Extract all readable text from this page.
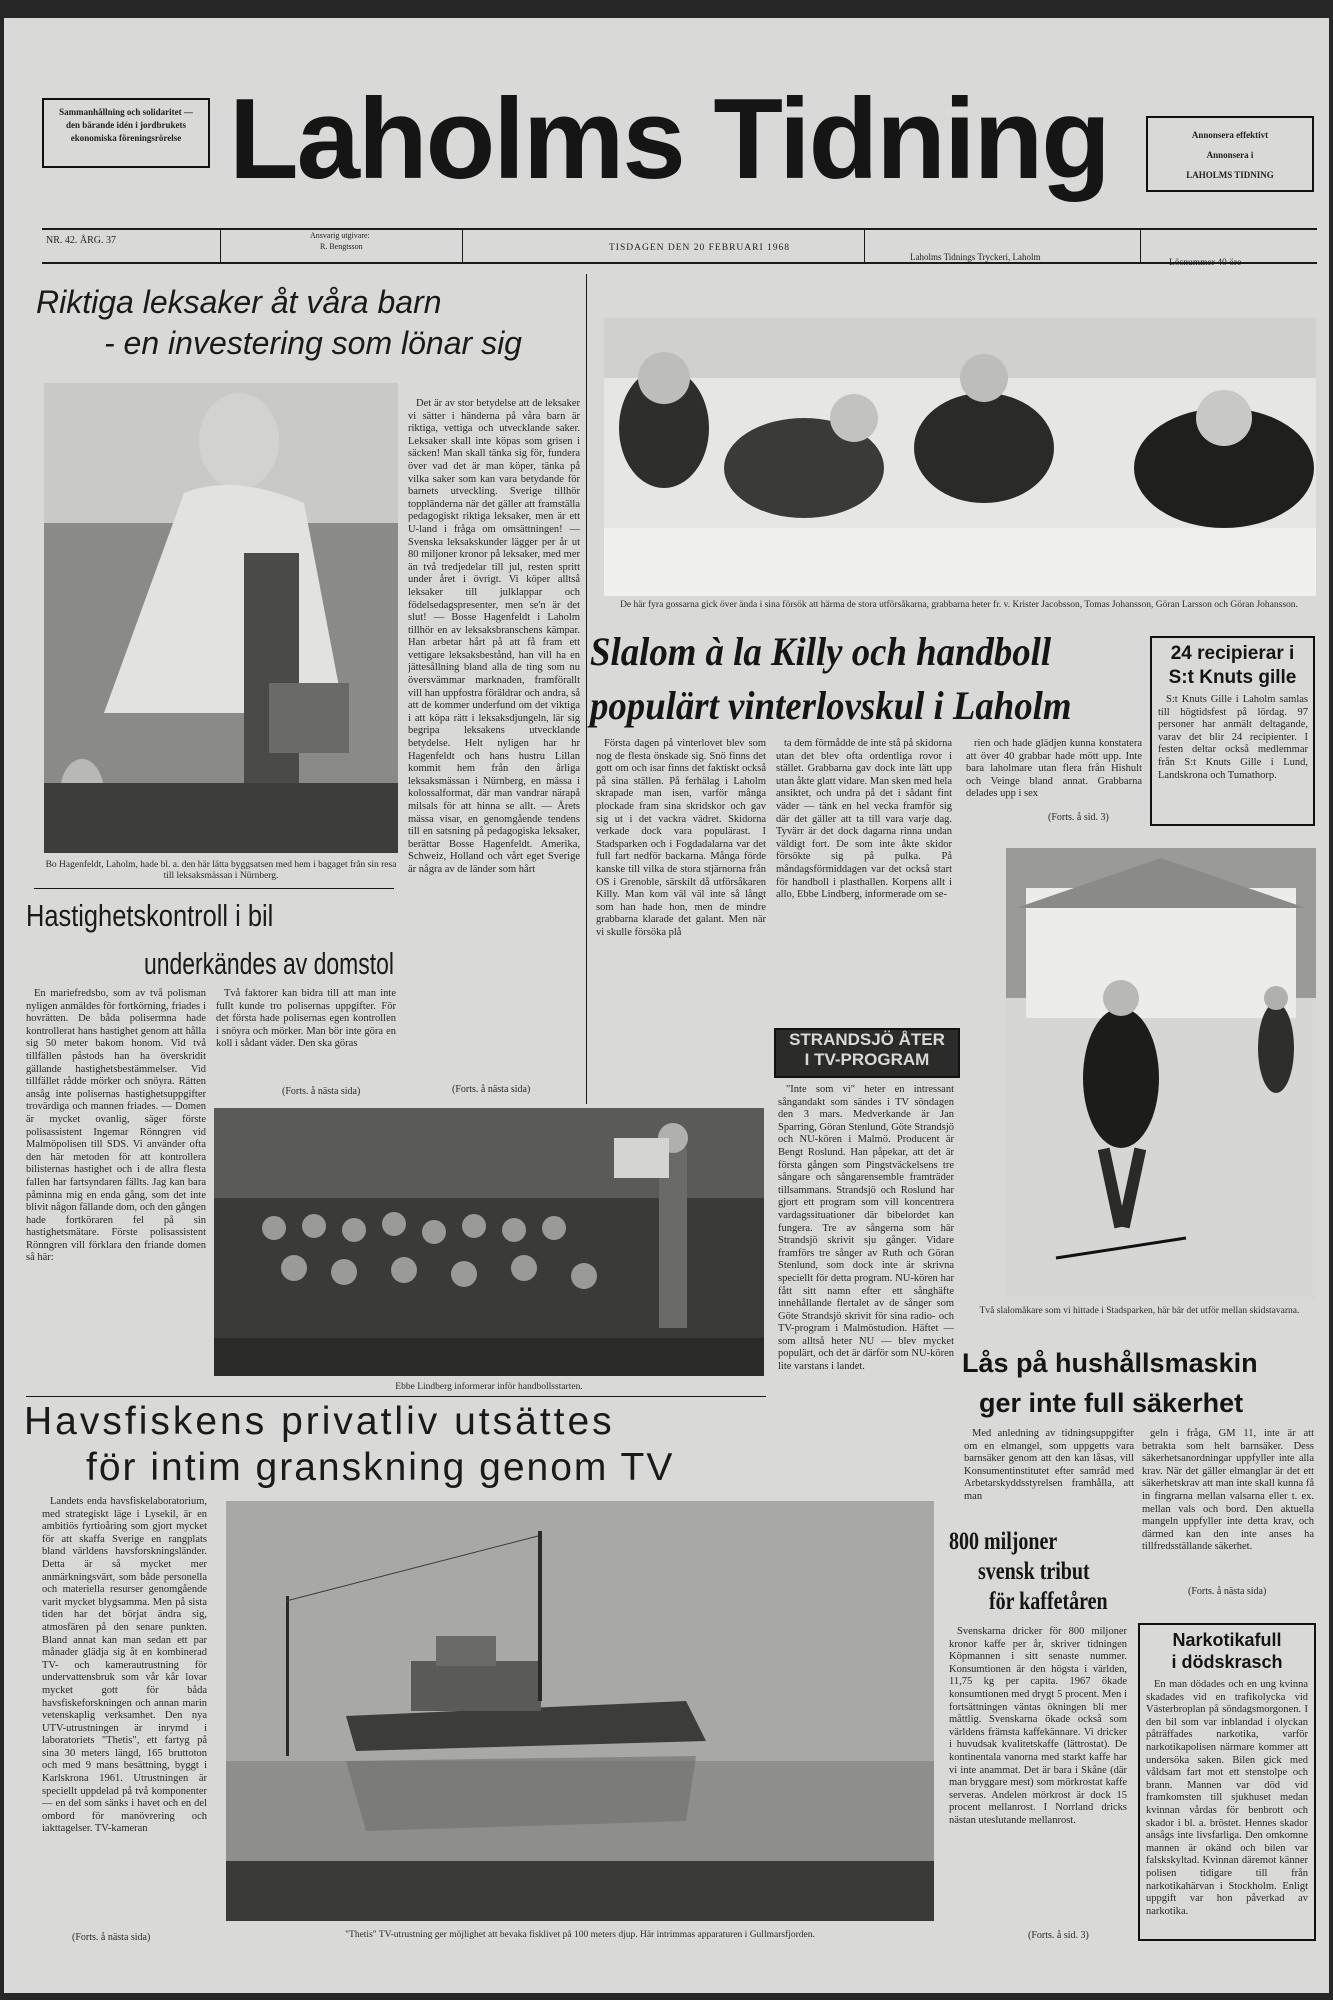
Sammanhållning och solidaritet — den bärande idén i jordbrukets ekonomiska föreningsrörelse Laholms Tidning	Annonsera effektivt
Annonsera i
LAHOLMS TIDNING
NR. 42. ÅRG. 37	Ansvarig utgivare:
R. Bengtsson	TISDAGEN DEN 20 FEBRUARI 1968
Laholms Tidnings Tryckeri, Laholm
Lösnummer 40 öre
Riktiga leksaker åt våra barn
- en investering som lönar sig
Bo Hagenfeldt, Laholm, hade bl. a. den här lätta byggsatsen med hem i bagaget från sin resa till leksaksmässan i Nürnberg.

Det är av stor betydelse att de leksaker vi sätter i händerna på våra barn är riktiga, vettiga och utvecklande saker. Leksaker skall inte köpas som grisen i säcken! Man skall tänka sig för, fundera över vad det är man köper, tänka på vilka saker som kan vara betydande för barnets utveckling. Sverige tillhör toppländerna när det gäller att framställa pedagogiskt riktiga leksaker, men är ett U-land i fråga om omsättningen! — Svenska leksakskunder lägger per år ut 80 miljoner kronor på leksaker, med mer än två tredjedelar till jul, resten spritt under året i övrigt. Vi köper alltså leksaker till julklappar och födelsedagspresenter, men se'n är det slut! — Bosse Hagenfeldt i Laholm tillhör en av leksaksbranschens kämpar. Han arbetar hårt på att få fram ett vettigare leksaksbestånd, han vill ha en jättesållning bland alla de ting som nu översvämmar marknaden, framförallt vill han uppfostra föräldrar och andra, så att de kommer underfund om det viktiga i att köpa rätt i leksaksdjungeln, lär sig begripa leksakens utvecklande betydelse. Helt nyligen har hr Hagenfeldt och hans hustru Lillan kommit hem från den årliga leksaksmässan i Nürnberg, en mässa i kolossalformat, där man vandrar närapå milsals för att hinna se allt. — Årets mässa visar, en genomgående tendens till en satsning på pedagogiska leksaker, berättar Bosse Hagenfeldt. Amerika, Schweiz, Holland och vårt eget Sverige är några av de länder som hårt

(Forts. å nästa sida)
Hastighetskontroll i bil
underkändes av domstol

En mariefredsbo, som av två polisman nyligen anmäldes för fortkörning, friades i hovrätten. De båda polisermna hade kontrollerat hans hastighet genom att hålla sig 50 meter bakom honom. Vid två tillfällen påstods han ha överskridit gällande hastighetsbestämmelser. Vid tillfället rådde mörker och snöyra. Rätten ansåg inte polisernas hastighetsuppgifter trovärdiga och mannen friades. — Domen är mycket ovanlig, säger förste polisassistent Ingemar Rönngren vid Malmöpolisen till SDS. Vi använder ofta den här metoden för att kontrollera bilisternas hastighet och i de allra flesta fallen har fartsyndaren fällts. Jag kan bara påminna mig en enda gång, som det inte blivit någon fällande dom, och den gången hade fortköraren fel på sin hastighetsmätare. Förste polisassistent Rönngren vill förklara den friande domen så här:

Två faktorer kan bidra till att man inte fullt kunde tro polisernas uppgifter. För det första hade polisernas egen kontrollen i snöyra och mörker. Man bör inte göra en koll i sådant väder. Den ska göras

(Forts. å nästa sida)
Ebbe Lindberg informerar inför handbollsstarten.
De här fyra gossarna gick över ända i sina försök att härma de stora utförsåkarna, grabbarna heter fr. v. Krister Jacobsson, Tomas Johansson, Göran Larsson och Göran Johansson.
Slalom à la Killy och handboll
populärt vinterlovskul i Laholm

Första dagen på vinterlovet blev som nog de flesta önskade sig. Snö finns det gott om och isar finns det faktiskt också på sina ställen. På ferhälag i Laholm skrapade man isen, varför många plockade fram sina skridskor och gav sig ut i det vackra vädret. Skidorna verkade dock vara populärast. I Stadsparken och i Fogdadalarna var det full fart nedför backarna. Många förde kanske till vilka de stora stjärnorna från OS i Grenoble, särskilt då utförsåkaren Killy. Man kom väl väl inte så långt som han hade hon, men de mindre grabbarna klarade det galant. Men när vi skulle försöka plå

ta dem förmådde de inte stå på skidorna utan det blev ofta ordentliga rovor i stället. Grabbarna gav dock inte lätt upp utan åkte glatt vidare. Man sken med hela ansiktet, och undra på det i sådant fint väder — tänk en hel vecka framför sig där det gäller att ta till vara varje dag. Tyvärr är det dock dagarna rinna undan väldigt fort. De som inte åkte skidor försökte sig på pulka. På måndagsförmiddagen var det också start för handboll i plasthallen. Korpens allt i allo, Ebbe Lindberg, informerade om se-

rien och hade glädjen kunna konstatera att över 40 grabbar hade mött upp. Inte bara laholmare utan flera från Hishult och Veinge bland annat. Grabbarna delades upp i sex

(Forts. å sid. 3)
24 recipierar i
S:t Knuts gille

S:t Knuts Gille i Laholm samlas till högtidsfest på lördag. 97 personer har anmält deltagande, varav det blir 24 recipienter. I festen deltar också medlemmar från S:t Knuts Gille i Lund, Landskrona och Tumathorp.

Två slalomåkare som vi hittade i Stadsparken, här bär det utför mellan skidstavarna.
STRANDSJÖ ÅTER
I TV-PROGRAM

"Inte som vi" heter en intressant sångandakt som sändes i TV söndagen den 3 mars. Medverkande är Jan Sparring, Göran Stenlund, Göte Strandsjö och NU-kören i Malmö. Producent är Bengt Roslund. Han påpekar, att det är första gången som Pingstväckelsens tre sångare och sångarensemble framträder tillsammans. Strandsjö och Roslund har gjort ett program som vill koncentrera vardagssituationer där bibelordet kan fungera. Tre av sångerna som här Strandsjö skrivit sju gånger. Vidare framförs tre sånger av Ruth och Göran Stenlund, som dock inte är skrivna speciellt för detta program. NU-kören har fått sitt namn efter ett sånghäfte innehållande flertalet av de sånger som Göte Strandsjö skrivit för sina radio- och TV-program i Malmöstudion. Häftet — som alltså heter NU — blev mycket populärt, och det är därför som NU-kören lite varstans i landet.	Lås på hushållsmaskin
ger inte full säkerhet

Med anledning av tidningsuppgifter om en elmangel, som uppgetts vara barnsäker genom att den kan låsas, vill Konsumentinstitutet efter samråd med Arbetarskyddsstyrelsen framhålla, att man

geln i fråga, GM 11, inte är att betrakta som helt barnsäker. Dess säkerhetsanordningar uppfyller inte alla krav. När det gäller elmanglar är det ett säkerhetskrav att man inte skall kunna få in fingrarna mellan valsarna eller t. ex. mellan vals och bord. Den aktuella mangeln uppfyller inte detta krav, och därmed kan den inte anses ha tillfredsställande säkerhet.

(Forts. å nästa sida)
800 miljoner
svensk tribut
för kaffetåren

Svenskarna dricker för 800 miljoner kronor kaffe per år, skriver tidningen Köpmannen i sitt senaste nummer. Konsumtionen är den högsta i världen, 11,75 kg per capita. 1967 ökade konsumtionen med drygt 5 procent. Men i fortsättningen väntas ökningen bli mer måttlig. Svenskarna ökade också som världens främsta kaffekännare. Vi dricker i huvudsak kvalitetskaffe (lättrostat). De kontinentala vanorna med starkt kaffe har vi inte anammat. Det är bara i Skåne (där man bryggare mest) som mörkrostat kaffe serveras. Andelen mörkrost är dock 15 procent mellanrost. I Norrland dricks nästan uteslutande mellanrost.

(Forts. å sid. 3)
Narkotikafull
i dödskrasch

En man dödades och en ung kvinna skadades vid en trafikolycka vid Västerbroplan på söndagsmorgonen. I den bil som var inblandad i olyckan påträffades narkotika, varför narkotikapolisen närmare kommer att undersöka saken. Bilen gick med våldsam fart mot ett stenstolpe och brann. Mannen var död vid framkomsten till sjukhuset medan kvinnan vårdas för benbrott och skador i bl. a. bröstet. Hennes skador ansågs inte livsfarliga. Den omkomne mannen är okänd och bilen var falskskyltad. Kvinnan däremot känner polisen tidigare till från narkotikahärvan i Stockholm. Enligt uppgift var hon påverkad av narkotika.

Havsfiskens privatliv utsättes
för intim granskning genom TV

Landets enda havsfiskelaboratorium, med strategiskt läge i Lysekil, är en ambitiös fyrtioåring som gjort mycket för att skaffa Sverige en rangplats bland världens havsforskningsländer. Detta är så mycket mer anmärkningsvärt, som både personella och materiella resurser genomgående varit mycket blygsamma. Men på sista tiden har det börjat ändra sig, atmosfären på den senare punkten. Bland annat kan man sedan ett par månader glädja sig åt en kombinerad TV- och kamerautrustning för undervattensbruk som vår kår lovar mycket gott för båda havsfiskeforskningen och annan marin vetenskaplig verksamhet. Den nya UTV-utrustningen är inrymd i laboratoriets "Thetis", ett fartyg på sina 30 meters längd, 165 bruttoton och med 9 mans besättning, byggt i Karlskrona 1961. Utrustningen är speciellt uppdelad på två komponenter — en del som sänks i havet och en del ombord för manövrering och iakttagelser. TV-kameran

(Forts. å nästa sida)	"Thetis" TV-utrustning ger möjlighet att bevaka fisklivet på 100 meters djup. Här intrimmas apparaturen i Gullmarsfjorden.
